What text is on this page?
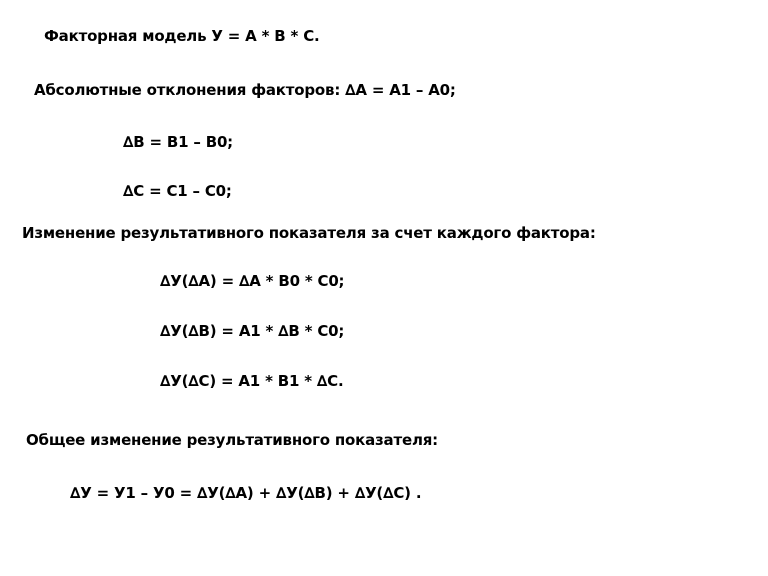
Факторная модель У = А * В * С.
Абсолютные отклонения факторов: ∆А = А1 – А0;
∆В = В1 – В0;
∆С = С1 – С0;
Изменение результативного показателя за счет каждого фактора:
∆У(∆А) = ∆А * В0 * С0;
∆У(∆В) = А1 * ∆В * С0;
∆У(∆С) = А1 * В1 * ∆С.
Общее изменение результативного показателя:
∆У = У1 – У0 = ∆У(∆А) + ∆У(∆В) + ∆У(∆С) .
